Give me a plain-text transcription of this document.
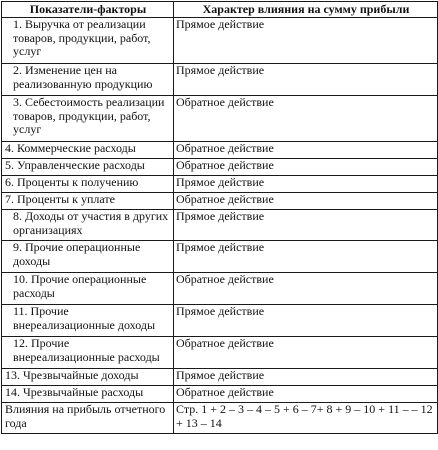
Показатели-факторы	Характер влияния на сумму прибыли

1. Выручка от реализации товаров, продукции, работ, услуг	Прямое действие

2. Изменение цен на реализованную продукцию	Прямое действие

3. Себестоимость реализации товаров, продукции, работ, услуг	Обратное действие
4. Коммерческие расходы	Обратное действие
5. Управленческие расходы	Обратное действие
6. Проценты к получению	Прямое действие
7. Проценты к уплате	Обратное действие

8. Доходы от участия в других организациях	Прямое действие

9. Прочие операционные доходы	Прямое действие

10. Прочие операционные расходы	Обратное действие

11. Прочие внереализационные доходы	Прямое действие

12. Прочие внереализационные расходы	Обратное действие
13. Чрезвычайные доходы	Прямое действие
14. Чрезвычайные расходы	Обратное действие
Влияния на прибыль отчетного года	Стр. 1 + 2 – 3 – 4 – 5 + 6 – 7+ 8 + 9 – 10 + 11 – – 12 + 13 – 14
